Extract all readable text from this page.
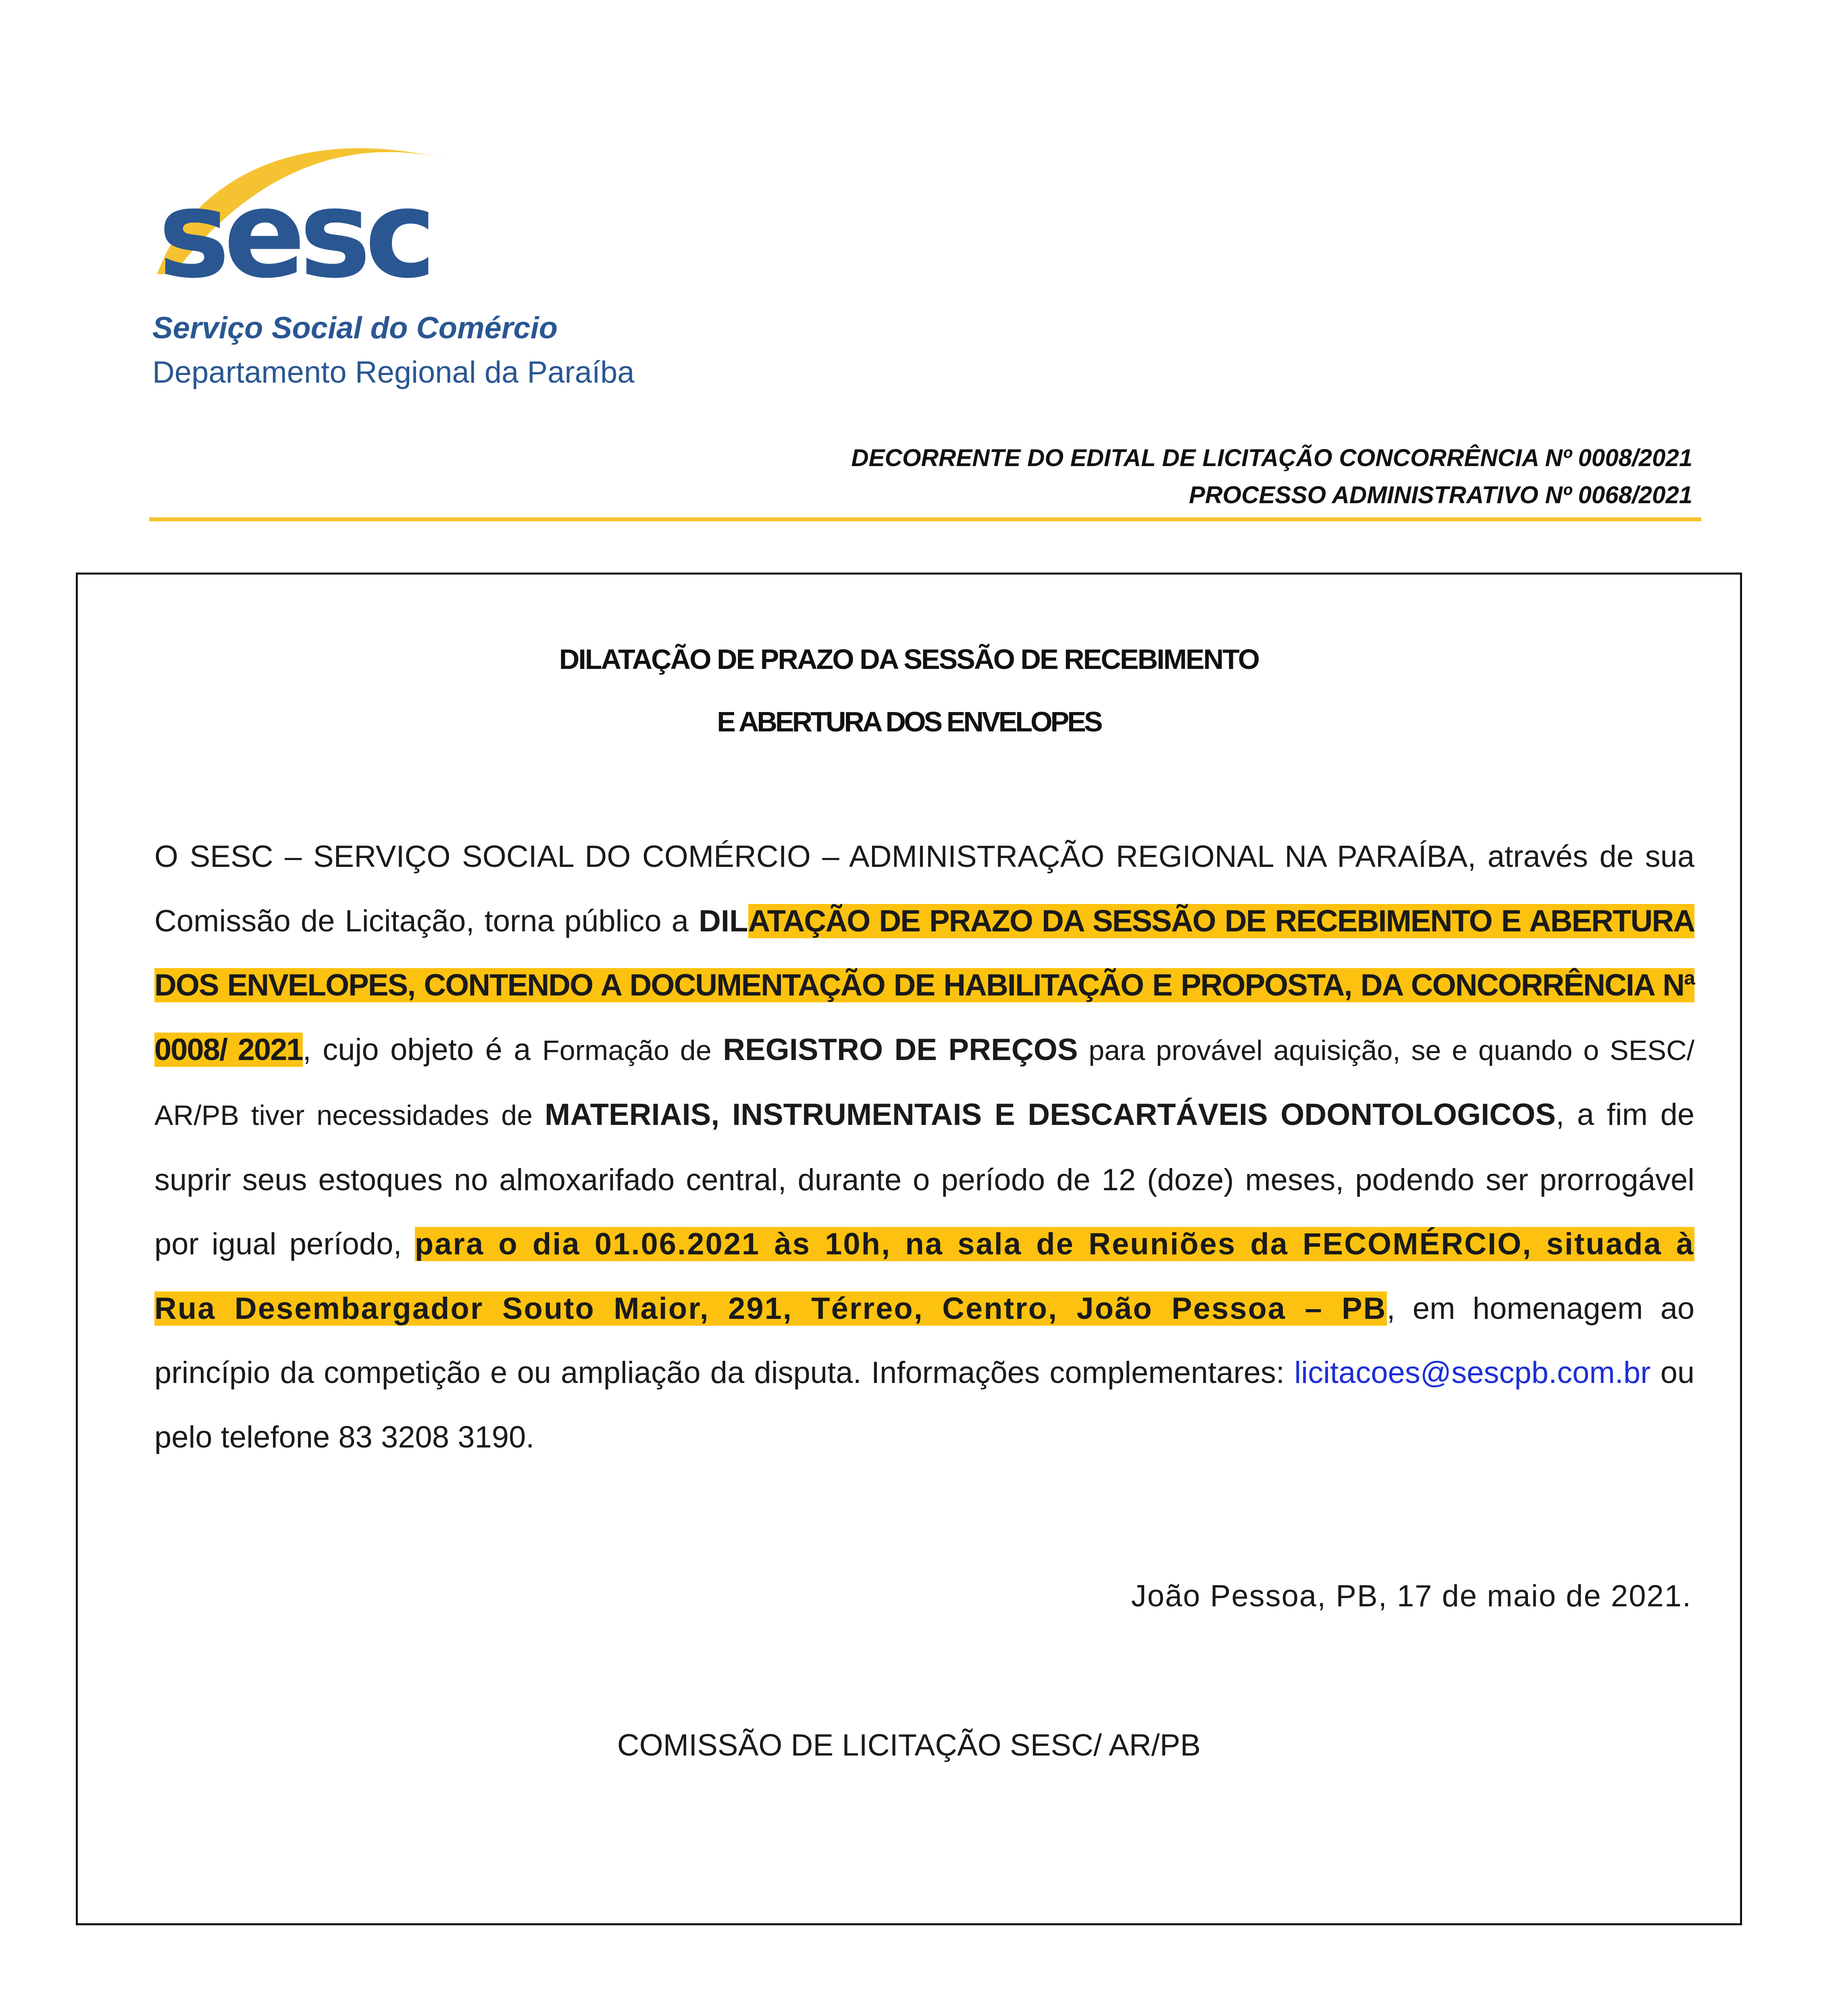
sesc
Serviço Social do Comércio
Departamento Regional da Paraíba
DECORRENTE DO EDITAL DE LICITAÇÃO CONCORRÊNCIA Nº 0008/2021
PROCESSO ADMINISTRATIVO Nº 0068/2021
DILATAÇÃO DE PRAZO DA SESSÃO DE RECEBIMENTO
E ABERTURA DOS ENVELOPES
O SESC – SERVIÇO SOCIAL DO COMÉRCIO – ADMINISTRAÇÃO REGIONAL NA PARAÍBA, através de sua Comissão de Licitação, torna público a DILATAÇÃO DE PRAZO DA SESSÃO DE RECEBIMENTO E ABERTURA DOS ENVELOPES, CONTENDO A DOCUMENTAÇÃO DE HABILITAÇÃO E PROPOSTA, DA CONCORRÊNCIA Nª 0008/ 2021, cujo objeto é a Formação de REGISTRO DE PREÇOS para provável aquisição, se e quando o SESC/ AR/PB tiver necessidades de MATERIAIS, INSTRUMENTAIS E DESCARTÁVEIS ODONTOLOGICOS, a fim de suprir seus estoques no almoxarifado central, durante o período de 12 (doze) meses, podendo ser prorrogável por igual período, para o dia 01.06.2021 às 10h, na sala de Reuniões da FECOMÉRCIO, situada à Rua Desembargador Souto Maior, 291, Térreo, Centro, João Pessoa – PB, em homenagem ao princípio da competição e ou ampliação da disputa. Informações complementares: licitacoes@sescpb.com.br ou pelo telefone 83 3208 3190.
João Pessoa, PB, 17 de maio de 2021.
COMISSÃO DE LICITAÇÃO SESC/ AR/PB
